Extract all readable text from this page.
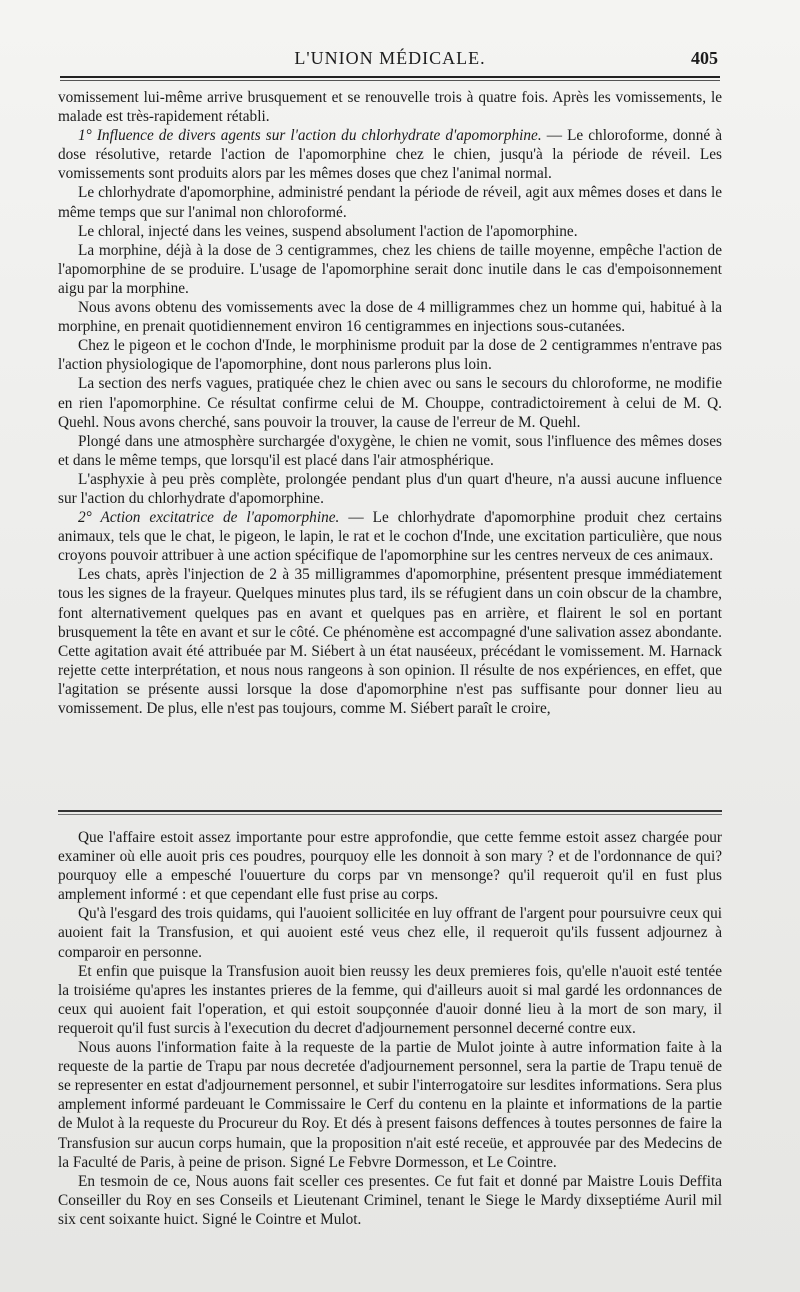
L'UNION MÉDICALE.	405

vomissement lui-même arrive brusquement et se renouvelle trois à quatre fois. Après les vomissements, le malade est très-rapidement rétabli.

1° Influence de divers agents sur l'action du chlorhydrate d'apomorphine. — Le chloroforme, donné à dose résolutive, retarde l'action de l'apomorphine chez le chien, jusqu'à la période de réveil. Les vomissements sont produits alors par les mêmes doses que chez l'animal normal.

Le chlorhydrate d'apomorphine, administré pendant la période de réveil, agit aux mêmes doses et dans le même temps que sur l'animal non chloroformé.

Le chloral, injecté dans les veines, suspend absolument l'action de l'apomorphine.

La morphine, déjà à la dose de 3 centigrammes, chez les chiens de taille moyenne, empêche l'action de l'apomorphine de se produire. L'usage de l'apomorphine serait donc inutile dans le cas d'empoisonnement aigu par la morphine.

Nous avons obtenu des vomissements avec la dose de 4 milligrammes chez un homme qui, habitué à la morphine, en prenait quotidiennement environ 16 centigrammes en injections sous-cutanées.

Chez le pigeon et le cochon d'Inde, le morphinisme produit par la dose de 2 centigrammes n'entrave pas l'action physiologique de l'apomorphine, dont nous parlerons plus loin.

La section des nerfs vagues, pratiquée chez le chien avec ou sans le secours du chloroforme, ne modifie en rien l'apomorphine. Ce résultat confirme celui de M. Chouppe, contradictoirement à celui de M. Q. Quehl. Nous avons cherché, sans pouvoir la trouver, la cause de l'erreur de M. Quehl.

Plongé dans une atmosphère surchargée d'oxygène, le chien ne vomit, sous l'influence des mêmes doses et dans le même temps, que lorsqu'il est placé dans l'air atmosphérique.

L'asphyxie à peu près complète, prolongée pendant plus d'un quart d'heure, n'a aussi aucune influence sur l'action du chlorhydrate d'apomorphine.

2° Action excitatrice de l'apomorphine. — Le chlorhydrate d'apomorphine produit chez certains animaux, tels que le chat, le pigeon, le lapin, le rat et le cochon d'Inde, une excitation particulière, que nous croyons pouvoir attribuer à une action spécifique de l'apomorphine sur les centres nerveux de ces animaux.

Les chats, après l'injection de 2 à 35 milligrammes d'apomorphine, présentent presque immédiatement tous les signes de la frayeur. Quelques minutes plus tard, ils se réfugient dans un coin obscur de la chambre, font alternativement quelques pas en avant et quelques pas en arrière, et flairent le sol en portant brusquement la tête en avant et sur le côté. Ce phénomène est accompagné d'une salivation assez abondante. Cette agitation avait été attribuée par M. Siébert à un état nauséeux, précédant le vomissement. M. Harnack rejette cette interprétation, et nous nous rangeons à son opinion. Il résulte de nos expériences, en effet, que l'agitation se présente aussi lorsque la dose d'apomorphine n'est pas suffisante pour donner lieu au vomissement. De plus, elle n'est pas toujours, comme M. Siébert paraît le croire,

Que l'affaire estoit assez importante pour estre approfondie, que cette femme estoit assez chargée pour examiner où elle auoit pris ces poudres, pourquoy elle les donnoit à son mary ? et de l'ordonnance de qui? pourquoy elle a empesché l'ouuerture du corps par vn mensonge? qu'il requeroit qu'il en fust plus amplement informé : et que cependant elle fust prise au corps.

Qu'à l'esgard des trois quidams, qui l'auoient sollicitée en luy offrant de l'argent pour poursuivre ceux qui auoient fait la Transfusion, et qui auoient esté veus chez elle, il requeroit qu'ils fussent adjournez à comparoir en personne.

Et enfin que puisque la Transfusion auoit bien reussy les deux premieres fois, qu'elle n'auoit esté tentée la troisiéme qu'apres les instantes prieres de la femme, qui d'ailleurs auoit si mal gardé les ordonnances de ceux qui auoient fait l'operation, et qui estoit soupçonnée d'auoir donné lieu à la mort de son mary, il requeroit qu'il fust surcis à l'execution du decret d'adjournement personnel decerné contre eux.

Nous auons l'information faite à la requeste de la partie de Mulot jointe à autre information faite à la requeste de la partie de Trapu par nous decretée d'adjournement personnel, sera la partie de Trapu tenuë de se representer en estat d'adjournement personnel, et subir l'interrogatoire sur lesdites informations. Sera plus amplement informé pardeuant le Commissaire le Cerf du contenu en la plainte et informations de la partie de Mulot à la requeste du Procureur du Roy. Et dés à present faisons deffences à toutes personnes de faire la Transfusion sur aucun corps humain, que la proposition n'ait esté receüe, et approuvée par des Medecins de la Faculté de Paris, à peine de prison. Signé Le Febvre Dormesson, et Le Cointre.

En tesmoin de ce, Nous auons fait sceller ces presentes. Ce fut fait et donné par Maistre Louis Deffita Conseiller du Roy en ses Conseils et Lieutenant Criminel, tenant le Siege le Mardy dixseptiéme Auril mil six cent soixante huict. Signé le Cointre et Mulot.
